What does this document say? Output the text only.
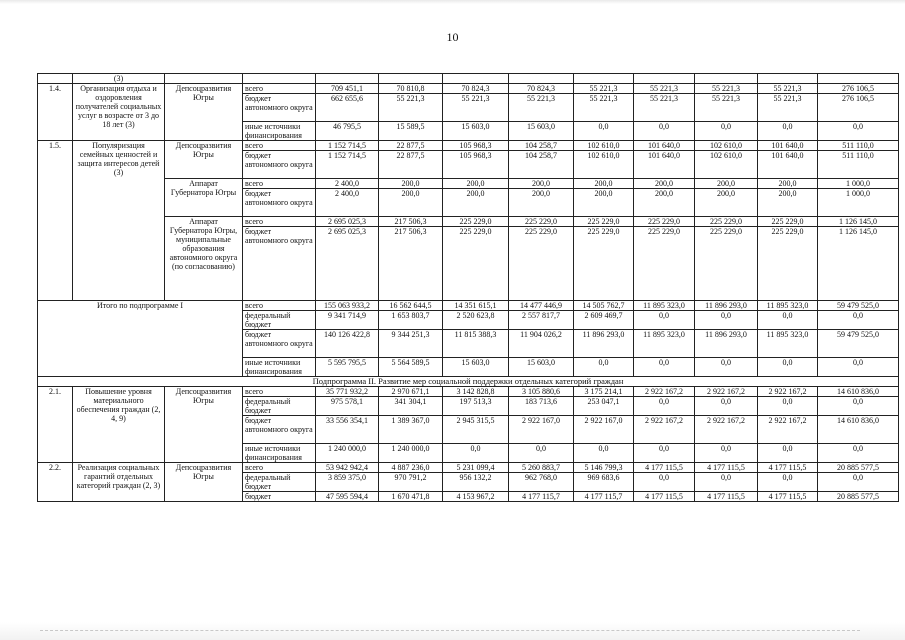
10
	(3)											
1.4.	Организация отдыха и оздоровления получателей социальных услуг в возрасте от 3 до 18 лет (3)	Депсоцразвития Югры	всего	709 451,1	70 810,8	70 824,3	70 824,3	55 221,3	55 221,3	55 221,3	55 221,3	276 106,5
			бюджет автономного округа	662 655,6	55 221,3	55 221,3	55 221,3	55 221,3	55 221,3	55 221,3	55 221,3	276 106,5
			иные источники финансирования	46 795,5	15 589,5	15 603,0	15 603,0	0,0	0,0	0,0	0,0	0,0
1.5.	Популяризация семейных ценностей и защита интересов детей (3)	Депсоцразвития Югры	всего	1 152 714,5	22 877,5	105 968,3	104 258,7	102 610,0	101 640,0	102 610,0	101 640,0	511 110,0
			бюджет автономного округа	1 152 714,5	22 877,5	105 968,3	104 258,7	102 610,0	101 640,0	102 610,0	101 640,0	511 110,0
		Аппарат Губернатора Югры	всего	2 400,0	200,0	200,0	200,0	200,0	200,0	200,0	200,0	1 000,0
			бюджет автономного округа	2 400,0	200,0	200,0	200,0	200,0	200,0	200,0	200,0	1 000,0
		Аппарат Губернатора Югры, муниципальные образования автономного округа (по согласованию)	всего	2 695 025,3	217 506,3	225 229,0	225 229,0	225 229,0	225 229,0	225 229,0	225 229,0	1 126 145,0
			бюджет автономного округа	2 695 025,3	217 506,3	225 229,0	225 229,0	225 229,0	225 229,0	225 229,0	225 229,0	1 126 145,0
Итого по подпрограмме I			всего	155 063 933,2	16 562 644,5	14 351 615,1	14 477 446,9	14 505 762,7	11 895 323,0	11 896 293,0	11 895 323,0	59 479 525,0
			федеральный бюджет	9 341 714,9	1 653 803,7	2 520 623,8	2 557 817,7	2 609 469,7	0,0	0,0	0,0	0,0
			бюджет автономного округа	140 126 422,8	9 344 251,3	11 815 388,3	11 904 026,2	11 896 293,0	11 895 323,0	11 896 293,0	11 895 323,0	59 479 525,0
			иные источники финансирования	5 595 795,5	5 564 589,5	15 603,0	15 603,0	0,0	0,0	0,0	0,0	0,0
Подпрограмма II. Развитие мер социальной поддержки отдельных категорий граждан												
2.1.	Повышение уровня материального обеспечения граждан (2, 4, 9)	Депсоцразвития Югры	всего	35 771 932,2	2 970 671,1	3 142 828,8	3 105 880,6	3 175 214,1	2 922 167,2	2 922 167,2	2 922 167,2	14 610 836,0
			федеральный бюджет	975 578,1	341 304,1	197 513,3	183 713,6	253 047,1	0,0	0,0	0,0	0,0
			бюджет автономного округа	33 556 354,1	1 389 367,0	2 945 315,5	2 922 167,0	2 922 167,0	2 922 167,2	2 922 167,2	2 922 167,2	14 610 836,0
			иные источники финансирования	1 240 000,0	1 240 000,0	0,0	0,0	0,0	0,0	0,0	0,0	0,0
2.2.	Реализация социальных гарантий отдельных категорий граждан (2, 3)	Депсоцразвития Югры	всего	53 942 942,4	4 887 236,0	5 231 099,4	5 260 883,7	5 146 799,3	4 177 115,5	4 177 115,5	4 177 115,5	20 885 577,5
			федеральный бюджет	3 859 375,0	970 791,2	956 132,2	962 768,0	969 683,6	0,0	0,0	0,0	0,0
			бюджет	47 595 594,4	1 670 471,8	4 153 967,2	4 177 115,7	4 177 115,7	4 177 115,5	4 177 115,5	4 177 115,5	20 885 577,5
